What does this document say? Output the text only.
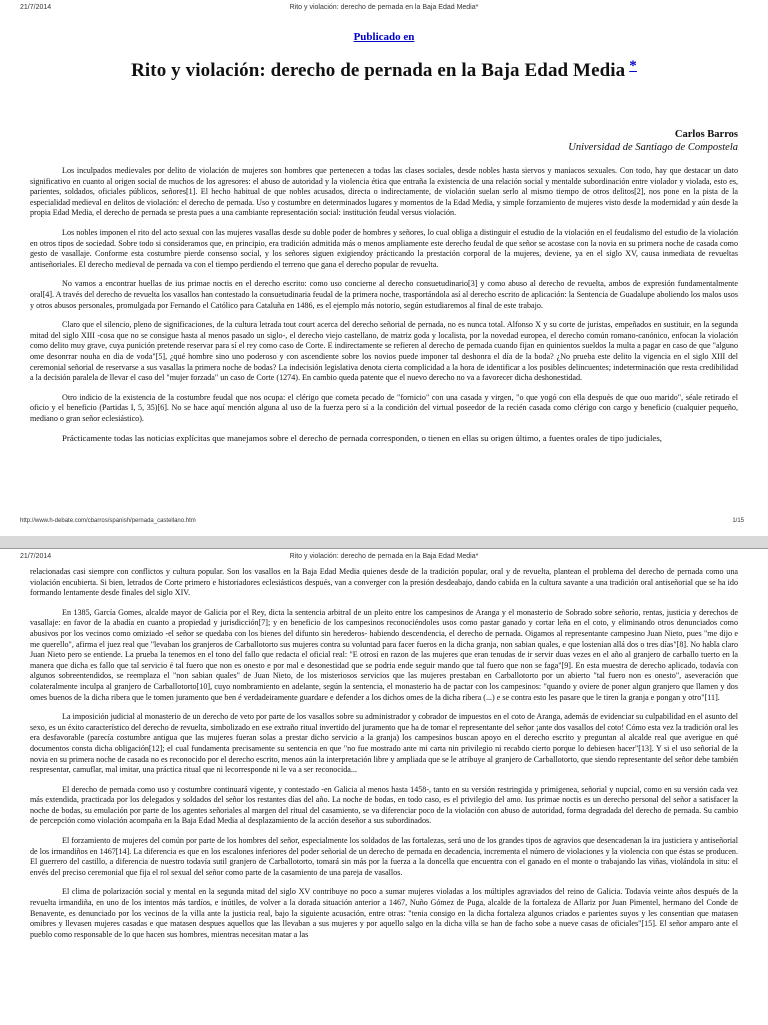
21/7/2014	Rito y violación: derecho de pernada en la Baja Edad Media*
Publicado en
Rito y violación: derecho de pernada en la Baja Edad Media *
Carlos Barros
Universidad de Santiago de Compostela

Los inculpados medievales por delito de violación de mujeres son hombres que pertenecen a todas las clases sociales, desde nobles hasta siervos y maniacos sexuales. Con todo, hay que destacar un dato significativo en cuanto al origen social de muchos de los agresores: el abuso de autoridad y la violencia ética que entraña la existencia de una relación social y mentalde subordinación entre violador y violada, esto es, parientes, soldados, oficiales públicos, señores[1]. El hecho habitual de que nobles acusados, directa o indirectamente, de violación suelan serlo al mismo tiempo de otros delitos[2], nos pone en la pista de la especialidad medieval en delitos de violación: el derecho de pernada. Uso y costumbre en determinados lugares y momentos de la Edad Media, y simple forzamiento de mujeres visto desde la modernidad y aún desde la propia Edad Media, el derecho de pernada se presta pues a una cambiante representación social: institución feudal versus violación.

Los nobles imponen el rito del acto sexual con las mujeres vasallas desde su doble poder de hombres y señores, lo cual obliga a distinguir el estudio de la violación en el feudalismo del estudio de la violación en otros tipos de sociedad. Sobre todo si consideramos que, en principio, era tradición admitida más o menos ampliamente este derecho feudal de que señor se acostase con la novia en su primera noche de casada como gesto de vasallaje. Conforme esta costumbre pierde consenso social, y los señores siguen exigiendoy prácticando la prestación corporal de la mujeres, deviene, ya en el siglo XV, causa inmediata de revueltas antiseñoriales. El derecho medieval de pernada va con el tiempo perdiendo el terreno que gana el derecho popular de revuelta.

No vamos a encontrar huellas de ius primae noctis en el derecho escrito: como uso concierne al derecho consuetudinario[3] y como abuso al derecho de revuelta, ambos de expresión fundamentalmente oral[4]. A través del derecho de revuelta los vasallos han contestado la consuetudinaria feudal de la primera noche, trasportándola así al derecho escrito de aplicación: la Sentencia de Guadalupe aboliendo los malos usos y otros abusos personales, promulgada por Fernando el Católico para Cataluña en 1486, es el ejemplo más notorio, según estudiaremos al final de este trabajo.

Claro que el silencio, pleno de significaciones, de la cultura letrada tout court acerca del derecho señorial de pernada, no es nunca total. Alfonso X y su corte de juristas, empeñados en sustituir, en la segunda mitad del siglo XIII -cosa que no se consigue hasta al menos pasado un siglo-, el derecho viejo castellano, de matriz goda y localista, por la novedad europea, el derecho común romano-canónico, enfocan la violación como delito muy grave, cuya punición pretende reservar para sí el rey como caso de Corte. E indirectamente se refieren al derecho de pernada cuando fijan en quinientos sueldos la multa a pagar en caso de que "alguno ome desonrrar nouha en dia de voda"[5], ¿qué hombre sino uno poderoso y con ascendiente sobre los novios puede imponer tal deshonra el día de la boda? ¿No prueba este delito la vigencia en el siglo XIII del ceremonial señorial de reservarse a sus vasallas la primera noche de bodas? La indecisión legislativa denota cierta complicidad a la hora de identificar a los posibles delincuentes; indeterminación que resta credibilidad a la decisión paralela de llevar el caso del "mujer forzada" un caso de Corte (1274). En cambio queda patente que el nuevo derecho no va a favorecer dicha deshonestidad.

Otro indicio de la existencia de la costumbre feudal que nos ocupa: el clérigo que cometa pecado de "fornicio" con una casada y virgen, "o que yogó con ella después de que ouo marido", séale retirado el oficio y el beneficio (Partidas I, 5, 35)[6]. No se hace aquí mención alguna al uso de la fuerza pero sí a la condición del virtual poseedor de la recién casada como clérigo con cargo y beneficio (cualquier pequeño, mediano o gran señor eclesiástico).

Prácticamente todas las noticias explícitas que manejamos sobre el derecho de pernada corresponden, o tienen en ellas su origen último, a fuentes orales de tipo judiciales,

http://www.h-debate.com/cbarros/spanish/pernada_castellano.htm	1/15
21/7/2014	Rito y violación: derecho de pernada en la Baja Edad Media*

relacionadas casi siempre con conflictos y cultura popular. Son los vasallos en la Baja Edad Media quienes desde de la tradición popular, oral y de revuelta, plantean el problema del derecho de pernada como una violación encubierta. Si bien, letrados de Corte primero e historiadores eclesiásticos después, van a converger con la presión desdeabajo, dando cabida en la cultura savante a una tradición oral antiseñorial que se ha ido formando lentamente desde finales del siglo XIV.

En 1385, García Gomes, alcalde mayor de Galicia por el Rey, dicta la sentencia arbitral de un pleito entre los campesinos de Aranga y el monasterio de Sobrado sobre señorío, rentas, justicia y derechos de vasallaje: en favor de la abadía en cuanto a propiedad y jurisdicción[7]; y en beneficio de los campesinos reconociéndoles usos como pastar ganado y cortar leña en el coto, y eliminando otros denunciados como abusivos por los vecinos como omiziado -el señor se quedaba con los bienes del difunto sin herederos- habiendo descendencia, el derecho de pernada. Oigamos al representante campesino Juan Nieto, pues "me dijo e me querello", afirma el juez real que "levaban los granjeros de Carballotorto sus mujeres contra su voluntad para facer fueros en la dicha granja, non sabian quales, e que lostenian allá dos o tres días"[8]. No habla claro Juan Nieto pero se entiende. La prueba la tenemos en el tono del fallo que redacta el oficial real: "E otrosí en razon de las mujeres que eran tenudas de ir servir duas vezes en el año al granjero de carballo tuerto en la manera que dicha es fallo que tal servicio é tal fuero que non es onesto e por mal e desonestidad que se podria ende seguir mando que tal fuero que non se faga"[9]. En esta muestra de derecho aplicado, todavía con algunos sobreentendidos, se reemplaza el "non sabian quales" de Juan Nieto, de los misteriosos servicios que las mujeres prestaban en Carballotorto por un abierto "tal fuero non es onesto", aseveración que colateralmente inculpa al granjero de Carballotorto[10], cuyo nombramiento en adelante, según la sentencia, el monasterio ha de pactar con los campesinos: "quando y oviere de poner algun granjero que llamen y dos omes buenos de la dicha ribera que le tomen juramento que ben é verdadeiramente guardare e defender a los dichos omes de la dicha ribera (...) e se contra esto les pasare que le tiren la granja e pongan y otro"[11].

La imposición judicial al monasterio de un derecho de veto por parte de los vasallos sobre su administrador y cobrador de impuestos en el coto de Aranga, además de evidenciar su culpabilidad en el asunto del sexo, es un éxito característico del derecho de revuelta, simbolizado en ese extraño ritual invertido del juramento que ha de tomar el representante del señor ¡ante dos vasallos del coto! Cómo esta vez la tradición oral les era desfavorable (parecía costumbre antigua que las mujeres fueran solas a prestar dicho servicio a la granja) los campesinos buscan apoyo en el derecho escrito y preguntan al alcalde real que averigue en qué documentos consta dicha obligación[12]; el cual fundamenta precisamente su sentencia en que "no fue mostrado ante mi carta nin privilegio ni recabdo cierto porque lo debiesen hacer"[13]. Y si el uso señorial de la novia en su primera noche de casada no es reconocido por el derecho escrito, menos aún la interpretación libre y ampliada que se le atribuye al granjero de Carballotorto, que siendo representante del señor debe también respresentar, camuflar, mal imitar, una práctica ritual que ni lecorresponde ni le va a ser reconocida...

El derecho de pernada como uso y costumbre continuará vigente, y contestado -en Galicia al menos hasta 1458-, tanto en su versión restringida y primigenea, señorial y nupcial, como en su versión cada vez más extendida, practicada por los delegados y soldados del señor los restantes días del año. La noche de bodas, en todo caso, es el privilegio del amo. Ius primae noctis es un derecho personal del señor a satisfacer la noche de bodas, su emulación por parte de los agentes señoriales al margen del ritual del casamiento, se va diferenciar poco de la violación con abuso de autoridad, forma degradada del derecho de pernada. Su cambio de percepción como violación acompaña en la Baja Edad Media al desplazamiento de la acción deseñor a sus subordinados.

El forzamiento de mujeres del común por parte de los hombres del señor, especialmente los soldados de las fortalezas, será uno de los grandes tipos de agravios que desencadenan la ira justiciera y antiseñorial de los irmandiños en 1467[14]. La diferencia es que en los escalones inferiores del poder señorial de un derecho de pernada en decadencia, incrementa el número de violaciones y la violencia con que éstas se producen. El guerrero del castillo, a diferencia de nuestro todavía sutil granjero de Carballotorto, tomará sin más por la fuerza a la doncella que encuentra con el ganado en el monte o trabajando las viñas, violándola in situ: el envés del preciso ceremonial que fija el rol sexual del señor como parte de la casamiento de una pareja de vasallos.

El clima de polarización social y mental en la segunda mitad del siglo XV contribuye no poco a sumar mujeres violadas a los múltiples agraviados del reino de Galicia. Todavía veinte años después de la revuelta irmandiña, en uno de los intentos más tardíos, e inútiles, de volver a la dorada situación anterior a 1467, Nuño Gómez de Puga, alcalde de la fortaleza de Allariz por Juan Pimentel, hermano del Conde de Benavente, es denunciado por los vecinos de la villa ante la justicia real, bajo la siguiente acusación, entre otras: "tenia consigo en la dicha fortaleza algunos criados e parientes suyos y les consentian que matasen omibres y llevasen mujeres casadas e que matasen despues aquellos que las llevaban a sus mujeres y por aquello salgo en la dicha villa se han de facho sobe a nueve casas de oficiales"[15]. El señor amparo ante el pueblo como responsable de lo que hacen sus hombres, mientras necesitan matar a las
